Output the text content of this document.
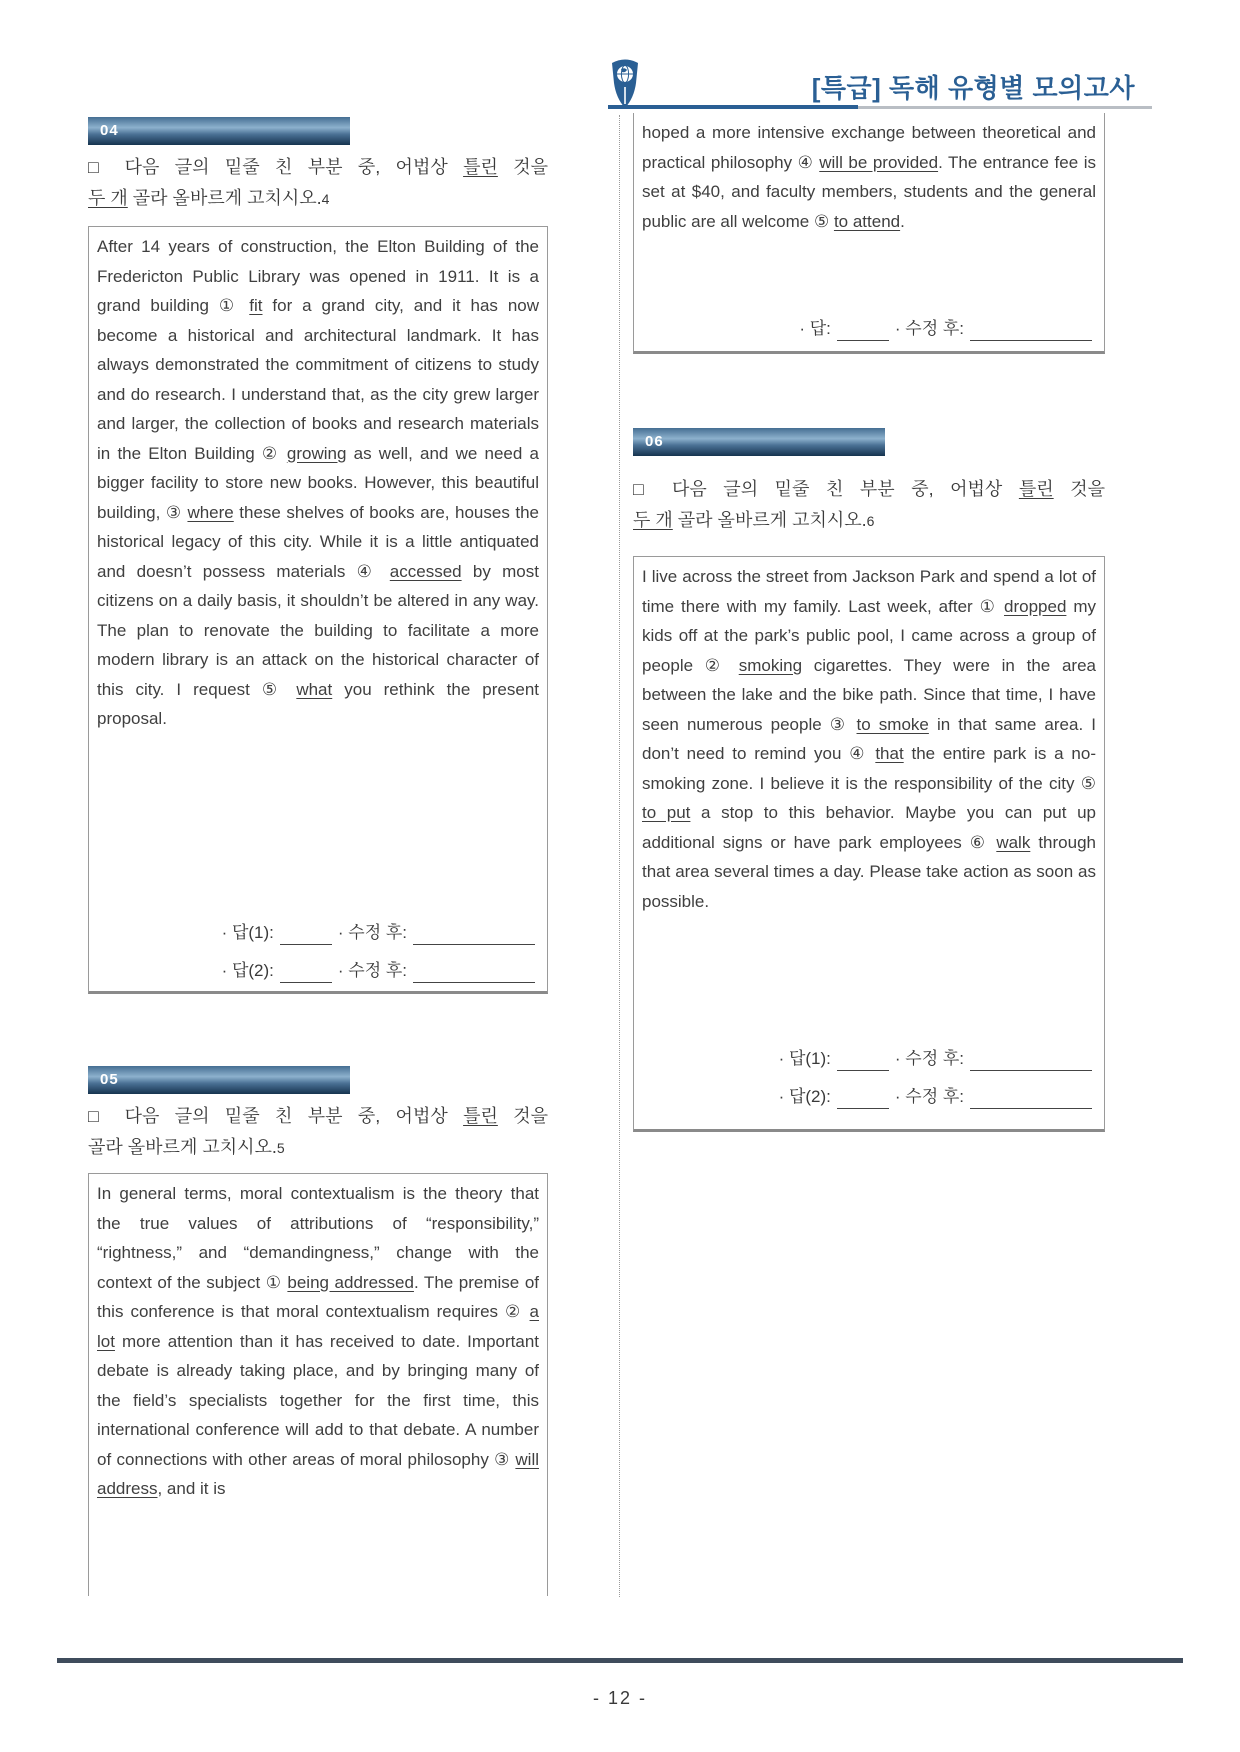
[특급] 독해 유형별 모의고사
04
□ 다음 글의 밑줄 친 부분 중, 어법상 틀린 것을
두 개 골라 올바르게 고치시오.4
After 14 years of construction, the Elton Building of the Fredericton Public Library was opened in 1911. It is a grand building ① fit for a grand city, and it has now become a historical and architectural landmark. It has always demonstrated the commitment of citizens to study and do research. I understand that, as the city grew larger and larger, the collection of books and research materials in the Elton Building ② growing as well, and we need a bigger facility to store new books. However, this beautiful building, ③ where these shelves of books are, houses the historical legacy of this city. While it is a little antiquated and doesn’t possess materials ④ accessed by most citizens on a daily basis, it shouldn’t be altered in any way. The plan to renovate the building to facilitate a more modern library is an attack on the historical character of this city. I request ⑤ what you rethink the present proposal.
· 답(1):	· 수정 후:
· 답(2):	· 수정 후:
05
□ 다음 글의 밑줄 친 부분 중, 어법상 틀린 것을
골라 올바르게 고치시오.5
In general terms, moral contextualism is the theory that the true values of attributions of “responsibility,” “rightness,” and “demandingness,” change with the context of the subject ① being addressed. The premise of this conference is that moral contextualism requires ② a lot more attention than it has received to date. Important debate is already taking place, and by bringing many of the field’s specialists together for the first time, this international conference will add to that debate. A number of connections with other areas of moral philosophy ③ will address, and it is
hoped a more intensive exchange between theoretical and practical philosophy ④ will be provided. The entrance fee is set at $40, and faculty members, students and the general public are all welcome ⑤ to attend.
· 답:	· 수정 후:
06
□ 다음 글의 밑줄 친 부분 중, 어법상 틀린 것을
두 개 골라 올바르게 고치시오.6
I live across the street from Jackson Park and spend a lot of time there with my family. Last week, after ① dropped my kids off at the park’s public pool, I came across a group of people ② smoking cigarettes. They were in the area between the lake and the bike path. Since that time, I have seen numerous people ③ to smoke in that same area. I don’t need to remind you ④ that the entire park is a no-smoking zone. I believe it is the responsibility of the city ⑤ to put a stop to this behavior. Maybe you can put up additional signs or have park employees ⑥ walk through that area several times a day. Please take action as soon as possible.
· 답(1):	· 수정 후:
· 답(2):	· 수정 후:
- 12 -
